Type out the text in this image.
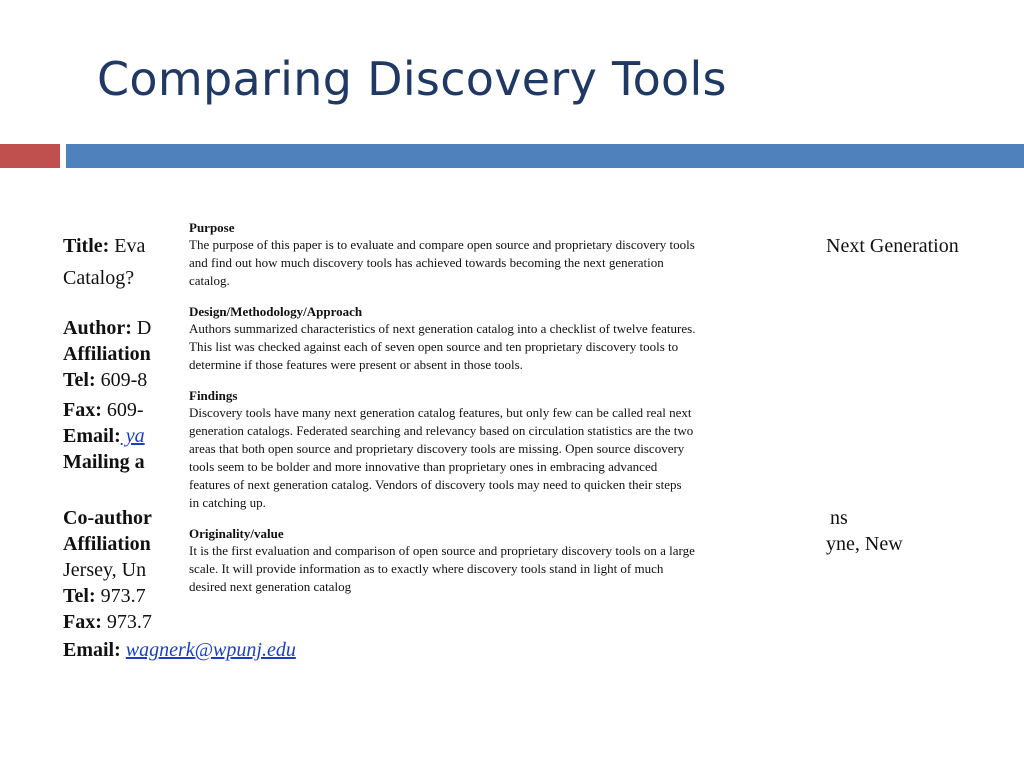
Comparing Discovery Tools
Title: Eva
Catalog?
Author: D
Affiliation
Tel: 609-8
Fax: 609-
Email: ya
Mailing a
Co-author
Affiliation
Jersey, Un
Tel: 973.7
Fax: 973.7
Email: wagnerk@wpunj.edu
Next Generation
ns
yne, New
Purpose
The purpose of this paper is to evaluate and compare open source and proprietary discovery tools
and find out how much discovery tools has achieved towards becoming the next generation
catalog.
Design/Methodology/Approach
Authors summarized characteristics of next generation catalog into a checklist of twelve features.
This list was checked against each of seven open source and ten proprietary discovery tools to
determine if those features were present or absent in those tools.
Findings
Discovery tools have many next generation catalog features, but only few can be called real next
generation catalogs. Federated searching and relevancy based on circulation statistics are the two
areas that both open source and proprietary discovery tools are missing. Open source discovery
tools seem to be bolder and more innovative than proprietary ones in embracing advanced
features of next generation catalog. Vendors of discovery tools may need to quicken their steps
in catching up.
Originality/value
It is the first evaluation and comparison of open source and proprietary discovery tools on a large
scale. It will provide information as to exactly where discovery tools stand in light of much
desired next generation catalog
